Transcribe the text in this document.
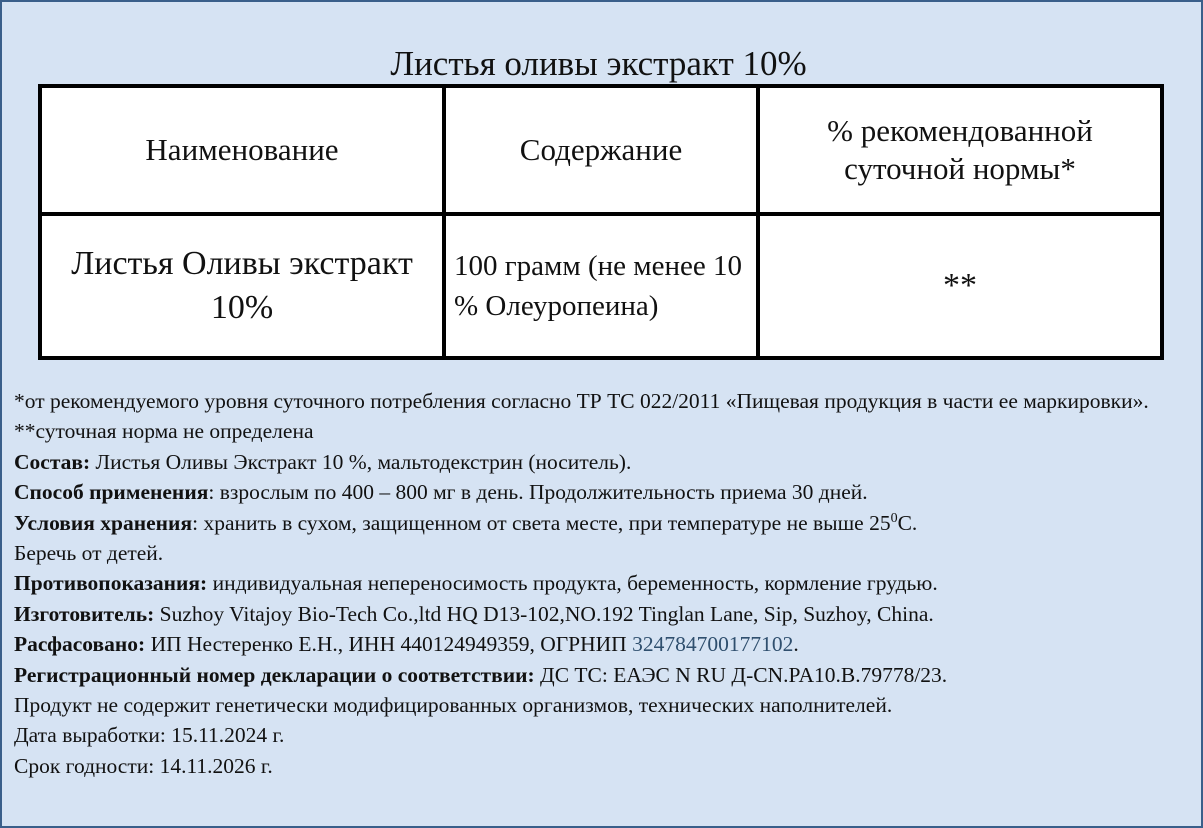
Листья оливы экстракт 10%
Наименование	Содержание	% рекомендованной суточной нормы*
Листья Оливы экстракт 10%	100 грамм (не менее 10 % Олеуропеина)	**

*от рекомендуемого уровня суточного потребления согласно ТР ТС 022/2011 «Пищевая продукция в части ее маркировки».

**суточная норма не определена

Состав: Листья Оливы Экстракт 10 %, мальтодекстрин (носитель).

Способ применения: взрослым по 400 – 800 мг в день. Продолжительность приема 30 дней.

Условия хранения: хранить в сухом, защищенном от света месте, при температуре не выше $25^0С$.

Беречь от детей.

Противопоказания: индивидуальная непереносимость продукта, беременность, кормление грудью.

Изготовитель: Suzhoy Vitajoy Bio-Tech Co.,ltd HQ D13-102,NO.192 Tinglan Lane, Sip, Suzhoy, China.

Расфасовано: ИП Нестеренко Е.Н., ИНН 440124949359, ОГРНИП 324784700177102.

Регистрационный номер декларации о соответствии: ДС ТС: ЕАЭС N RU Д-CN.PA10.В.79778/23.

Продукт не содержит генетически модифицированных организмов, технических наполнителей.

Дата выработки: 15.11.2024 г.

Срок годности: 14.11.2026 г.
